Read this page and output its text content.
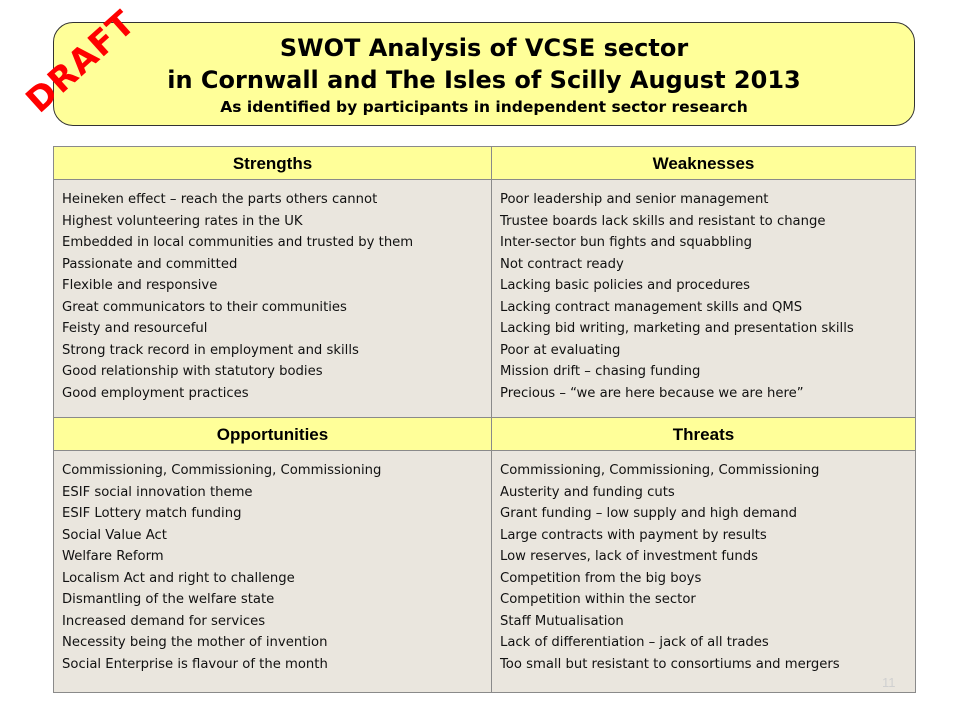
SWOT Analysis of VCSE sector
in Cornwall and The Isles of Scilly August 2013
As identified by participants in independent sector research
DRAFT
Strengths	Weaknesses
Heineken effect – reach the parts others cannot
Highest volunteering rates in the UK
Embedded in local communities and trusted by them
Passionate and committed
Flexible and responsive
Great communicators to their communities
Feisty and resourceful
Strong track record in employment and skills
Good relationship with statutory bodies
Good employment practices
Poor leadership and senior management
Trustee boards lack skills and resistant to change
Inter-sector bun fights and squabbling
Not contract ready
Lacking basic policies and procedures
Lacking contract management skills and QMS
Lacking bid writing, marketing and presentation skills
Poor at evaluating
Mission drift – chasing funding
Precious – “we are here because we are here”
Opportunities	Threats
Commissioning, Commissioning, Commissioning
ESIF social innovation theme
ESIF Lottery match funding
Social Value Act
Welfare Reform
Localism Act and right to challenge
Dismantling of the welfare state
Increased demand for services
Necessity being the mother of invention
Social Enterprise is flavour of the month
Commissioning, Commissioning, Commissioning
Austerity and funding cuts
Grant funding – low supply and high demand
Large contracts with payment by results
Low reserves, lack of investment funds
Competition from the big boys
Competition within the sector
Staff Mutualisation
Lack of differentiation – jack of all trades
Too small but resistant to consortiums and mergers
11
